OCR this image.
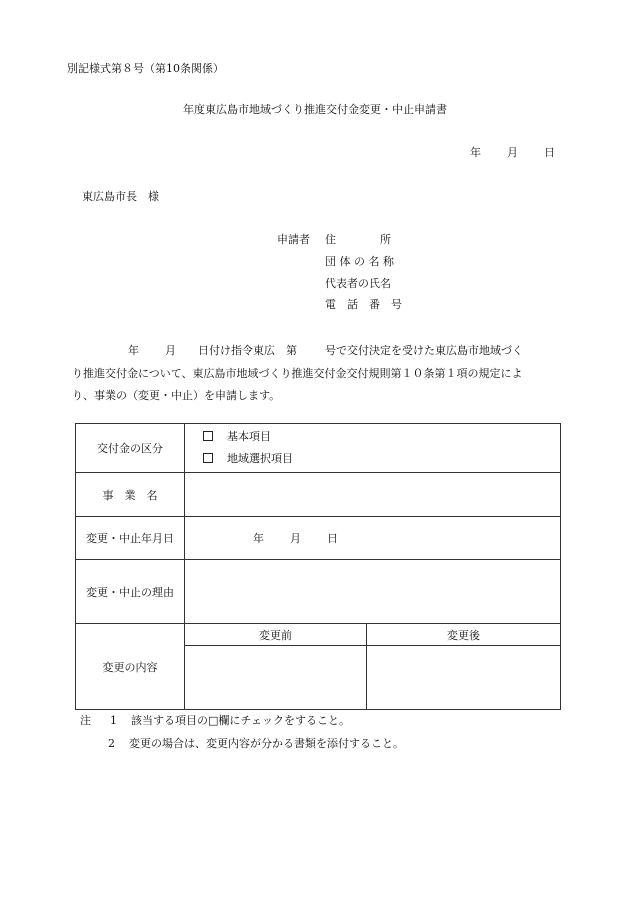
別記様式第８号（第10条関係）
年度東広島市地域づくり推進交付金変更・中止申請書
年 月 日
東広島市長　様
申請者 住　　　　所
団 体 の 名 称
代表者の氏名
電　話　番　号

年 月 日付け指令東広　第	号で交付決定を受けた東広島市地域づく

り推進交付金について、東広島市地域づくり推進交付金交付規則第１０条第１項の規定によ

り、事業の（変更・中止）を申請します。

交付金の区分	基本項目
地域選択項目	

事　業　名		
変更・中止年月日	年 月 日	
変更・中止の理由		
変更の内容	変更前	変更後

注 1 該当する項目の□欄にチェックをすること。
2 変更の場合は、変更内容が分かる書類を添付すること。
